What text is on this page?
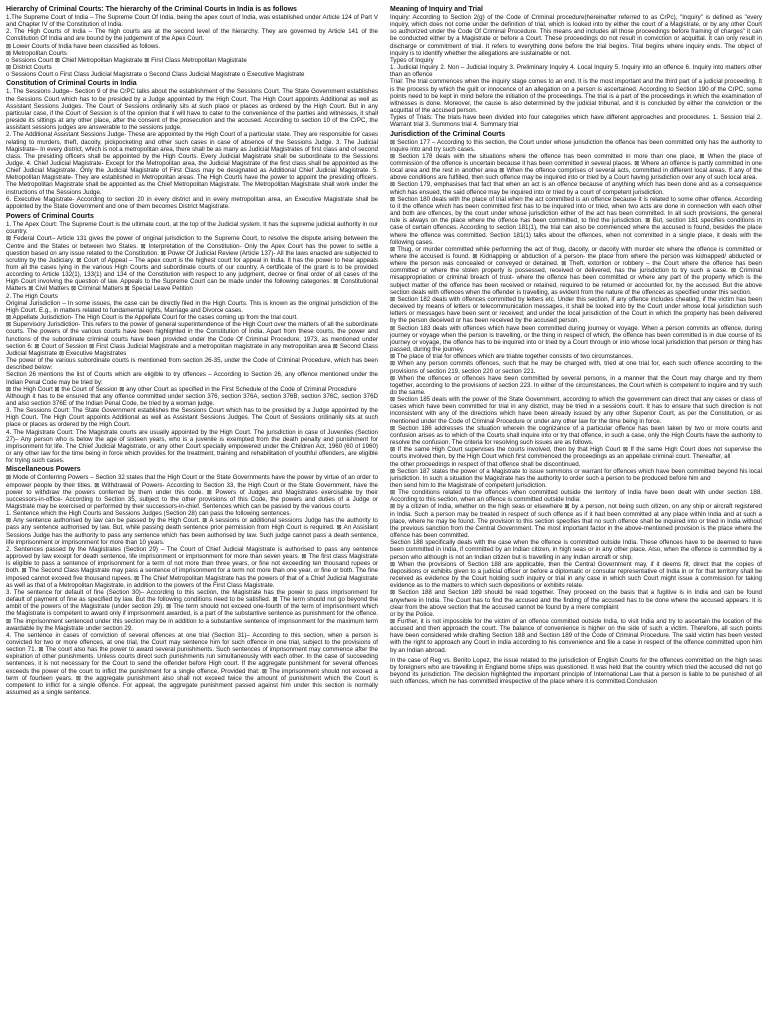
Hierarchy of Criminal Courts: The hierarchy of the Criminal Courts in India is as follows

1.The Supreme Court of India – The Supreme Court Of India, being the apex court of India, was established under Article 124 of Part V and Chapter IV of the Constitution of India.

2. The High Courts of India – The high courts are at the second level of the hierarchy. They are governed by Article 141 of the Constitution Of India and are bound by the judgement of the Apex Court.

⊠ Lower Courts of India have been classified as follows.

⊠ Metropolitan Courts

o Sessions Court ⊠ Chief Metropolitan Magistrate ⊠ First Class Metropolitan Magistrate

⊠ District Courts

o Sessions Court o First Class Judicial Magistrate o Second Class Judicial Magistrate o Executive Magistrate

Constitution of Criminal Courts in India

1. The Sessions Judge– Section 9 of the CrPC talks about the establishment of the Sessions Court. The State Government establishes the Sessions Court which has to be presided by a Judge appointed by the High Court. The High Court appoints Additional as well as Assistant Sessions Judges. The Court of Sessions ordinarily sits at such place or places as ordered by the High Court. But in any particular case, if the Court of Session is of the opinion that it will have to cater to the convenience of the parties and witnesses, it shall preside its sittings at any other place, after the consent of the prosecution and the accused. According to section 10 of the CrPC, the assistant sessions judges are answerable to the sessions judge.

2. The Additional Assistant Sessions Judge- These are appointed by the High Court of a particular state. They are responsible for cases relating to murders, theft, dacoity, pickpocketing and other such cases in case of absence of the Sessions Judge. 3. The Judicial Magistrate– In every district, which is not a metropolitan area, there shall be as many as Judicial Magistrates of first class and of second class. The presiding officers shall be appointed by the High Courts. Every Judicial Magistrate shall be subordinate to the Sessions Judge. 4. Chief Judicial Magistrate- Except for the Metropolitan area, the Judicial Magistrate of the first class shall be appointed as the Chief Judicial Magistrate. Only the Judicial Magistrate of First Class may be designated as Additional Chief Judicial Magistrate. 5. Metropolitan Magistrate- They are established in Metropolitan areas. The High Courts have the power to appoint the presiding officers. The Metropolitan Magistrate shall be appointed as the Chief Metropolitan Magistrate. The Metropolitan Magistrate shall work under the instructions of the Sessions Judge.

6. Executive Magistrate- According to section 20 in every district and in every metropolitan area, an Executive Magistrate shall be appointed by the State Government and one of them becomes District Magistrate.

Powers of Criminal Courts

1. The Apex Court: The Supreme Court is the ultimate court, at the top of the Judicial system. It has the supreme judicial authority in our country.

⊠ Federal Court– Article 131 gives the power of original jurisdiction to the Supreme Court, to resolve the dispute arising between the Centre and the States or between two States. ⊠ Interpretation of the Constitution- Only the Apex Court has the power to settle a question based on any issue related to the Constitution. ⊠ Power Of Judicial Review (Article 137)- All the laws enacted are subjected to scrutiny by the Judiciary. ⊠ Court of Appeal – The apex court is the highest court for appeal in India. It has the power to hear appeals from all the cases lying in the various High Courts and subordinate courts of our country. A certificate of the grant is to be provided according to Article 132(1), 133(1) and 134 of the Constitution with respect to any judgment, decree or final order of all cases of the High Court involving the question of law. Appeals to the Supreme Court can be made under the following categories: ⊠ Constitutional Matters ⊠ Civil Matters ⊠ Criminal Matters ⊠ Special Leave Petition

2. The High Courts

Original Jurisdiction – In some issues, the case can be directly filed in the High Courts. This is known as the original jurisdiction of the High Court. E.g., in matters related to fundamental rights, Marriage and Divorce cases.

⊠ Appellate Jurisdiction- The High Court is the Appellate Court for the cases coming up from the trial court.

⊠ Supervisory Jurisdiction- This refers to the power of general superintendence of the High Court over the matters of all the subordinate courts. The powers of the various courts have been highlighted in the Constitution of India. Apart from these courts, the power and functions of the subordinate criminal courts have been provided under the Code Of Criminal Procedure, 1973, as mentioned under section 6: ⊠ Court of Session ⊠ First Class Judicial Magistrate and a metropolitan magistrate in any metropolitan area ⊠ Second Class Judicial Magistrate ⊠ Executive Magistrates

The power of the various subordinate courts is mentioned from section 26-35, under the Code of Criminal Procedure, which has been described below:

Section 26 mentions the list of Courts which are eligible to try offences – According to Section 26, any offence mentioned under the Indian Penal Code may be tried by:

⊠ the High Court ⊠ the Court of Session ⊠ any other Court as specified in the First Schedule of the Code of Criminal Procedure

Although it has to be ensured that any offence committed under section 376, section 376A, section 376B, section 376C, section 376D and also section 376E of the Indian Penal Code, be tried by a woman judge.

3. The Sessions Court: The State Government establishes the Sessions Court which has to be presided by a Judge appointed by the High Court. The High Court appoints Additional as well as Assistant Sessions Judges. The Court of Sessions ordinarily sits at such place or places as ordered by the High Court.

4. The Magistrate Court: The Magistrate courts are usually appointed by the High Court. The jurisdiction in case of Juveniles (Section 27)– Any person who is below the age of sixteen years, who is a juvenile is exempted from the death penalty and punishment for imprisonment for life. The Chief Judicial Magistrate, or any other Court specially empowered under the Children Act, 1960 (60 of 1960) or any other law for the time being in force which provides for the treatment, training and rehabilitation of youthful offenders, are eligible for trying such cases.

Miscellaneous Powers

⊠ Mode of Conferring Powers – Section 32 states that the High Court or the State Governments have the power by virtue of an order to empower people by their titles. ⊠ Withdrawal of Powers- According to Section 33, the High Court or the State Government, have the power to withdraw the powers conferred by them under this code. ⊠ Powers of Judges and Magistrates exercisable by their successors-in-office- According to Section 35, subject to the other provisions of this Code, the powers and duties of a Judge or Magistrate may be exercised or performed by their successors-in-chief. Sentences which can be passed by the various courts

1. Sentence which the High Courts and Sessions Judges (Section 28) can pass the following sentences.

⊠ Any sentence authorised by law can be passed by the High Court. ⊠ A sessions or additional sessions Judge has the authority to pass any sentence authorised by law. But, while passing death sentence prior permission from High Court is required. ⊠ An Assistant Sessions Judge has the authority to pass any sentence which has been authorised by law. Such judge cannot pass a death sentence, life imprisonment or imprisonment for more than 10 years.

2. Sentences passed by the Magistrates (Section 29) – The Court of Chief Judicial Magistrate is authorised to pass any sentence approved by law except for death sentence, life imprisonment or imprisonment for more than seven years. ⊠ The first class Magistrate is eligible to pass a sentence of imprisonment for a term of not more than three years, or fine not exceeding ten thousand rupees or both. ⊠ The Second Class Magistrate may pass a sentence of imprisonment for a term not more than one year, or fine or both. The fine imposed cannot exceed five thousand rupees. ⊠ The Chief Metropolitan Magistrate has the powers of that of a Chief Judicial Magistrate as well as that of a Metropolitan Magistrate, in addition to the powers of the First Class Magistrate.

3. The sentence for default of fine (Section 30)– According to this section, the Magistrate has the power to pass imprisonment for default of payment of fine as specified by law. But the following conditions need to be satisfied. ⊠ The term should not go beyond the ambit of the powers of the Magistrate (under section 29). ⊠ The term should not exceed one-fourth of the term of imprisonment which the Magistrate is competent to award only if imprisonment awarded, is a part of the substantive sentence as punishment for the offence. ⊠ The imprisonment sentenced under this section may be in addition to a substantive sentence of imprisonment for the maximum term awardable by the Magistrate under section 29.

4. The sentence in cases of conviction of several offences at one trial (Section 31)– According to this section, when a person is convicted for two or more offences, at one trial, the Court may sentence him for such offence in one trial, subject to the provisions of section 71. ⊠ The court also has the power to award several punishments. Such sentences of imprisonment may commence after the expiration of other punishments. Unless courts direct such punishments run simultaneously with each other. In the case of succeeding sentences, it is not necessary for the Court to send the offender before High court. If the aggregate punishment for several offences exceeds the power of the court to inflict the punishment for a single offence. Provided that: ⊠ The imprisonment should not exceed a term of fourteen years. ⊠ the aggregate punishment also shall not exceed twice the amount of punishment which the Court is competent to inflict for a single offence. For appeal, the aggregate punishment passed against him under this section is normally assumed as a single sentence.

Meaning of Inquiry and Trial

Inquiry: According to Section 2(g) of the Code of Criminal procedure(hereinafter referred to as CrPc), "Inquiry" is defined as "every inquiry, which does not come under the definition of trial, which is looked into by either the court of a Magistrate, or by any other Court so authorized under the Code Of Criminal Procedure. This means and includes all those proceedings before framing of charges" it can be conducted either by a Magistrate or before a Court. These proceedings do not result in conviction or acquittal. It can only result in discharge or commitment of trial. It refers to everything done before the trial begins. Trial begins where inquiry ends. The object of inquiry is to identify whether the allegations are sustainable or not.

Types of Inquiry

1. Judicial Inquiry 2. Non – Judicial Inquiry 3. Preliminary Inquiry 4. Local Inquiry 5. Inquiry into an offence 6. Inquiry into matters other than an offence

Trial: The trial commences when the inquiry stage comes to an end. It is the most important and the third part of a judicial proceeding. It is the process by which the guilt or innocence of an allegation on a person is ascertained. According to Section 190 of the CrPC, some points need to be kept in mind before the initiation of the proceedings. The trial is a part of the proceedings in which the examination of witnesses is done. Moreover, the cause is also determined by the judicial tribunal, and it is concluded by either the conviction or the acquittal of the accused person.

Types of Trials: The trials have been divided into four categories which have different approaches and procedures. 1. Session trial 2. Warrant trial 3. Summons trial 4. Summary trial

Jurisdiction of the Criminal Courts

⊠ Section 177 – According to this section, the Court under whose jurisdiction the offence has been committed only has the authority to inquire into and try such cases.

⊠ Section 178 deals with the situations where the offence has been committed in more than one place, ⊠ When the place of commission of the offence is uncertain because it has been committed in several places. ⊠ Where an offence is partly committed in one local area and the rest in another area ⊠ When the offence comprises of several acts, committed in different local areas. If any of the above conditions are fulfilled, then such offence may be inquired into or tried by a Court having jurisdiction over any of such local area.

⊠ Section 179, emphasises that fact that when an act is an offence because of anything which has been done and as a consequence which has ensued, the said offence may be inquired into or tried by a court of competent jurisdiction.

⊠ Section 180 deals with the place of trial when the act committed is an offence because it is related to some other offence. According to it the offence which has been committed first has to be inquired into or tried, when two acts are done in connection with each other and both are offences, by the court under whose jurisdiction either of the act has been committed. In all such provisions, the general rule is always on the place where the offence has been committed, to find the jurisdiction. ⊠ But, section 181 specifies conditions in case of certain offences. According to section 181(1), the trial can also be commenced where the accused is found, besides the place where the offence was committed. Section 181(1) talks about the offences, when not committed in a single place, it deals with the following cases.

⊠ Thug, or murder committed while performing the act of thug, dacoity, or dacoity with murder etc where the offence is committed or where the accused is found. ⊠ Kidnapping or abduction of a person- the place from where the person was kidnapped/ abducted or where the person was concealed or conveyed or detained. ⊠ Theft, extortion or robbery – the Court where the offence has been committed or where the stolen property is possessed, received or delivered, has the jurisdiction to try such a case. ⊠ Criminal misappropriation or criminal breach of trust- where the offence has been committed or where any part of the property which is the subject matter of the offence has been received or retained, required to be returned or accounted for, by the accused. But the above section deals with offences when the offender is travelling, as evident from the nature of the offences as specified under this section.

⊠ Section 182 deals with offences committed by letters etc. Under this section, if any offence includes cheating, if the victim has been deceived by means of letters or telecommunication messages, it shall be looked into by the Court under whose local jurisdiction such letters or messages have been sent or received; and under the local jurisdiction of the Court in which the property has been delivered by the person deceived or has been received by the accused person.

⊠ Section 183 deals with offences which have been committed during journey or voyage. When a person commits an offence, during journey or voyage when the person is travelling, or the thing in respect of which, the offence has been committed is in due course of its journey or voyage, the offence has to be inquired into or tried by a Court through or into whose local jurisdiction that person or thing has passed, during the journey.

⊠ The place of trial for offences which are triable together consists of two circumstances.

⊠ When any person commits offences, such that he may be charged with, tried at one trial for, each such offence according to the provisions of section 219, section 220 or section 221.

⊠ When the offences or offences have been committed by several persons, in a manner that the Court may charge and try them together, according to the provisions of section 223. In either of the circumstances, the Court which is competent to inquire and try such do the same.

⊠ Section 185 deals with the power of the State Government, according to which the government can direct that any cases or class of cases which have been committed for trial in any district, may be tried in a sessions court. It has to ensure that such direction is not inconsistent with any of the directions which have been already issued by any other Superior Court, as per the Constitution, or as mentioned under the Code of Criminal Procedure or under any other law for the time being in force.

⊠ Section 186 addresses the situation wherein the cognizance of a particular offence has been taken by two or more courts and confusion arises as to which of the Courts shall inquire into or try that offence, in such a case, only the High Courts have the authority to resolve the confusion. The criteria for resolving such issues are as follows.

⊠ If the same High Court supervises the courts involved, then by that High Court ⊠ If the same High Court does not supervise the courts involved then, by the High Court which first commenced the proceedings as an appellate criminal court. Thereafter, all

the other proceedings in respect of that offence shall be discontinued.

⊠ Section 187 states the power of a Magistrate to issue summons or warrant for offences which have been committed beyond his local jurisdiction. In such a situation the Magistrate has the authority to order such a person to be produced before him and

then send him to the Magistrate of competent jurisdiction.

⊠ The conditions related to the offences when committed outside the territory of India have been dealt with under section 188. According to this section, when an offence is committed outside India:

⊠ by a citizen of India, whether on the high seas or elsewhere ⊠ by a person, not being such citizen, on any ship or aircraft registered in India. Such a person may be treated in respect of such offence as if it had been committed at any place within India and at such a place, where he may be found. The provision to this section specifies that no such offence shall be inquired into or tried in India without the previous sanction from the Central Government. The most important factor in the above-mentioned provision is the place where the offence has been committed.

Section 188 specifically deals with the case when the offence is committed outside India. These offences have to be deemed to have been committed in India, if committed by an Indian citizen, in high seas or in any other place. Also, when the offence is committed by a person who although is not an Indian citizen but is travelling in any Indian aircraft or ship.

⊠ When the provisions of Section 188 are applicable, then the Central Government may, if it deems fit, direct that the copies of depositions or exhibits given to a judicial officer or before a diplomatic or consular representative of India in or for that territory shall be received as evidence by the Court holding such inquiry or trial in any case in which such Court might issue a commission for taking evidence as to the matters to which such depositions or exhibits relate.

⊠ Section 188 and Section 189 should be read together. They proceed on the basis that a fugitive is in India and can be found anywhere in India. The Court has to find the accused and the finding of the accused has to be done where the accused appears. It is clear from the above section that the accused cannot be found by a mere complaint

or by the Police.

⊠ Further, it is not impossible for the victim of an offence committed outside India, to visit India and try to ascertain the location of the accused and then approach the court. The balance of convenience is higher on the side of such a victim. Therefore, all such points have been considered while drafting Section 188 and Section 189 of the Code of Criminal Procedure. The said victim has been vested with the right to approach any Court in India according to his convenience and file a case in respect of the offence committed upon him by an Indian abroad.

In the case of Reg vs. Benito Lopez, the issue related to the jurisdiction of English Courts for the offences committed on the high seas by foreigners who are travelling in England borne ships was questioned. It was held that the country which tried the accused did not go beyond its jurisdiction. The decision highlighted the important principle of International Law that a person is liable to be punished of all such offences, which he has committed irrespective of the place where it is committed.Conclusion
